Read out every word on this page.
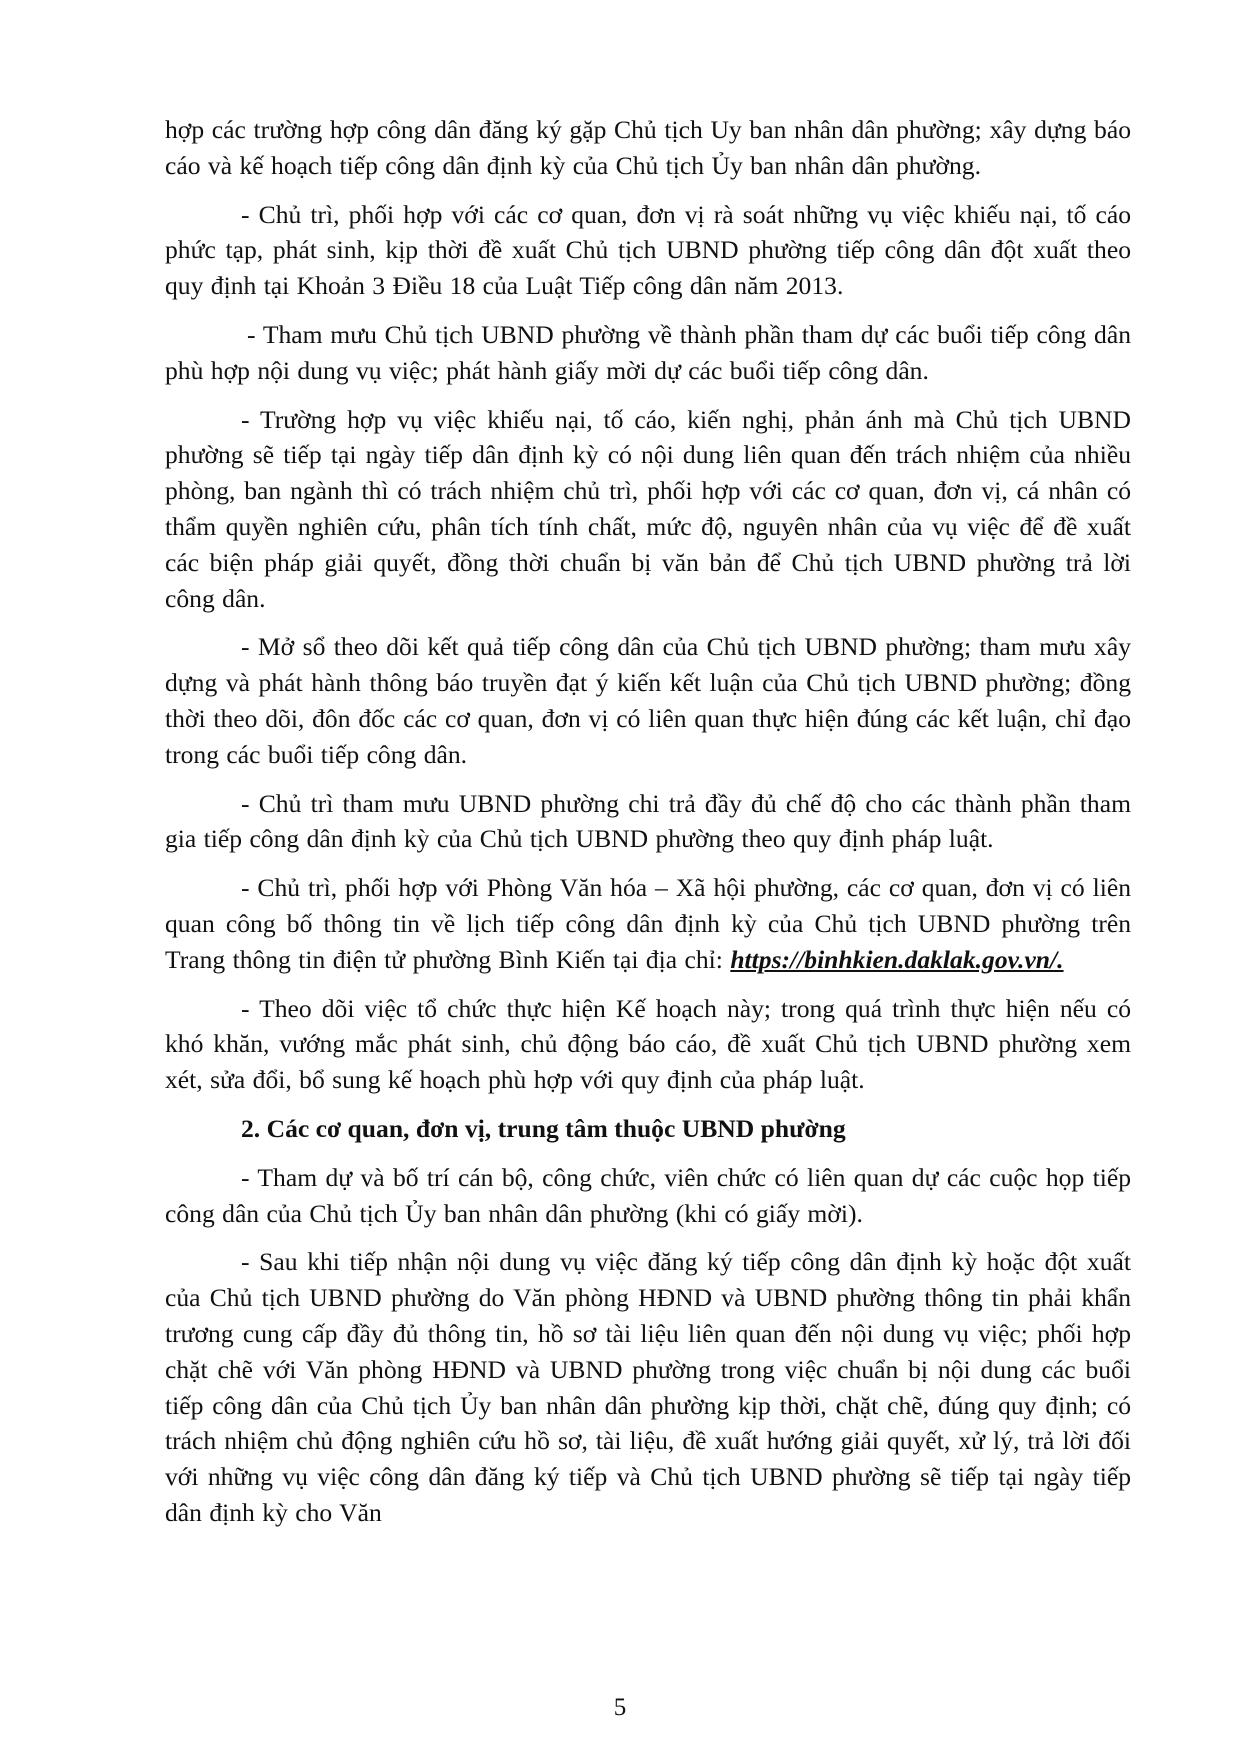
hợp các trường hợp công dân đăng ký gặp Chủ tịch Uy ban nhân dân phường; xây dựng báo cáo và kế hoạch tiếp công dân định kỳ của Chủ tịch Ủy ban nhân dân phường.

- Chủ trì, phối hợp với các cơ quan, đơn vị rà soát những vụ việc khiếu nại, tố cáo phức tạp, phát sinh, kịp thời đề xuất Chủ tịch UBND phường tiếp công dân đột xuất theo quy định tại Khoản 3 Điều 18 của Luật Tiếp công dân năm 2013.

- Tham mưu Chủ tịch UBND phường về thành phần tham dự các buổi tiếp công dân phù hợp nội dung vụ việc; phát hành giấy mời dự các buổi tiếp công dân.

- Trường hợp vụ việc khiếu nại, tố cáo, kiến nghị, phản ánh mà Chủ tịch UBND phường sẽ tiếp tại ngày tiếp dân định kỳ có nội dung liên quan đến trách nhiệm của nhiều phòng, ban ngành thì có trách nhiệm chủ trì, phối hợp với các cơ quan, đơn vị, cá nhân có thẩm quyền nghiên cứu, phân tích tính chất, mức độ, nguyên nhân của vụ việc để đề xuất các biện pháp giải quyết, đồng thời chuẩn bị văn bản để Chủ tịch UBND phường trả lời công dân.

- Mở sổ theo dõi kết quả tiếp công dân của Chủ tịch UBND phường; tham mưu xây dựng và phát hành thông báo truyền đạt ý kiến kết luận của Chủ tịch UBND phường; đồng thời theo dõi, đôn đốc các cơ quan, đơn vị có liên quan thực hiện đúng các kết luận, chỉ đạo trong các buổi tiếp công dân.

- Chủ trì tham mưu UBND phường chi trả đầy đủ chế độ cho các thành phần tham gia tiếp công dân định kỳ của Chủ tịch UBND phường theo quy định pháp luật.

- Chủ trì, phối hợp với Phòng Văn hóa – Xã hội phường, các cơ quan, đơn vị có liên quan công bố thông tin về lịch tiếp công dân định kỳ của Chủ tịch UBND phường trên Trang thông tin điện tử phường Bình Kiến tại địa chỉ: https://binhkien.daklak.gov.vn/.

- Theo dõi việc tổ chức thực hiện Kế hoạch này; trong quá trình thực hiện nếu có khó khăn, vướng mắc phát sinh, chủ động báo cáo, đề xuất Chủ tịch UBND phường xem xét, sửa đổi, bổ sung kế hoạch phù hợp với quy định của pháp luật.

2. Các cơ quan, đơn vị, trung tâm thuộc UBND phường

- Tham dự và bố trí cán bộ, công chức, viên chức có liên quan dự các cuộc họp tiếp công dân của Chủ tịch Ủy ban nhân dân phường (khi có giấy mời).

- Sau khi tiếp nhận nội dung vụ việc đăng ký tiếp công dân định kỳ hoặc đột xuất của Chủ tịch UBND phường do Văn phòng HĐND và UBND phường thông tin phải khẩn trương cung cấp đầy đủ thông tin, hồ sơ tài liệu liên quan đến nội dung vụ việc; phối hợp chặt chẽ với Văn phòng HĐND và UBND phường trong việc chuẩn bị nội dung các buổi tiếp công dân của Chủ tịch Ủy ban nhân dân phường kịp thời, chặt chẽ, đúng quy định; có trách nhiệm chủ động nghiên cứu hồ sơ, tài liệu, đề xuất hướng giải quyết, xử lý, trả lời đối với những vụ việc công dân đăng ký tiếp và Chủ tịch UBND phường sẽ tiếp tại ngày tiếp dân định kỳ cho Văn

5
